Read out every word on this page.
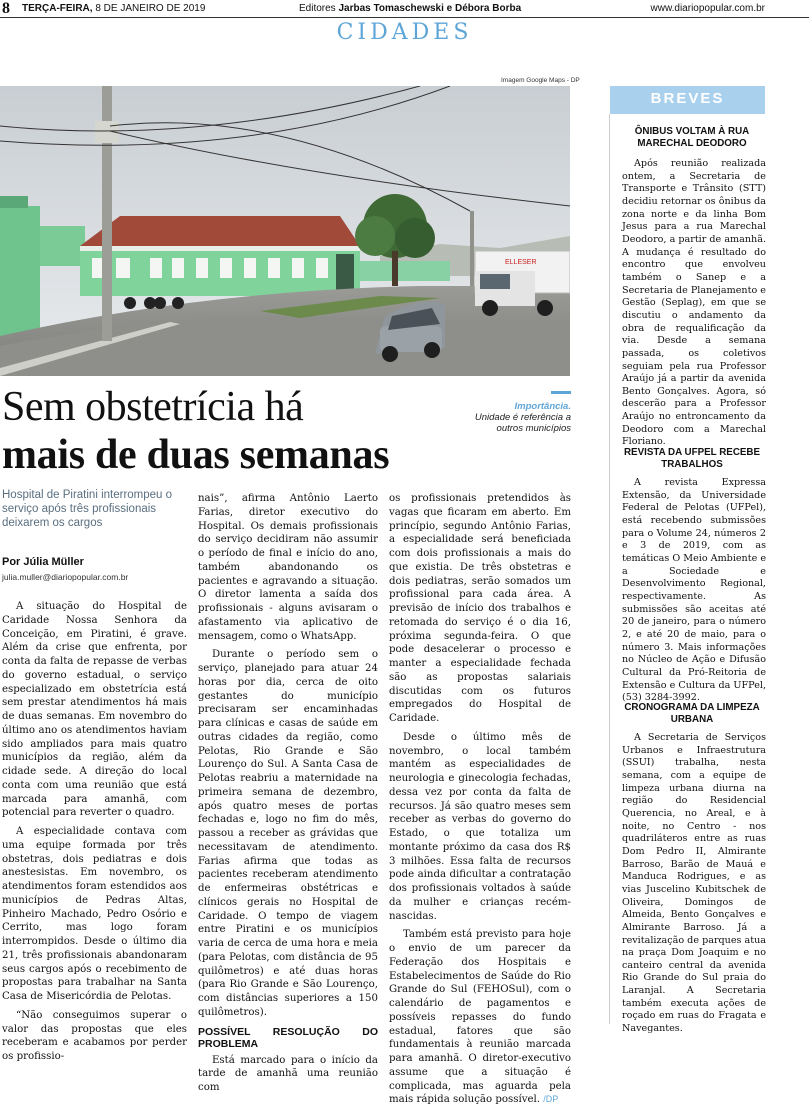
8 TERÇA-FEIRA, 8 DE JANEIRO DE 2019	Editores Jarbas Tomaschewski e Débora Borba	www.diariopopular.com.br
CIDADES
Imagem Google Maps - DP
ELLESER
Sem obstetrícia há
mais de duas semanas
Importância.
Unidade é referência a outros municípios
Hospital de Piratini interrompeu o serviço após três profissionais deixarem os cargos
Por Júlia Müller
julia.muller@diariopopular.com.br

A situação do Hospital de Caridade Nossa Senhora da Conceição, em Piratini, é grave. Além da crise que enfrenta, por conta da falta de repasse de verbas do governo estadual, o serviço especializado em obstetrícia está sem prestar atendimentos há mais de duas semanas. Em novembro do último ano os atendimentos haviam sido ampliados para mais quatro municípios da região, além da cidade sede. A direção do local conta com uma reunião que está marcada para amanhã, com potencial para reverter o quadro.

A especialidade contava com uma equipe formada por três obstetras, dois pediatras e dois anestesistas. Em novembro, os atendimentos foram estendidos aos municípios de Pedras Altas, Pinheiro Machado, Pedro Osório e Cerrito, mas logo foram interrompidos. Desde o último dia 21, três profissionais abandonaram seus cargos após o recebimento de propostas para trabalhar na Santa Casa de Misericórdia de Pelotas.

“Não conseguimos superar o valor das propostas que eles receberam e acabamos por perder os profissio-

nais”, afirma Antônio Laerto Farias, diretor executivo do Hospital. Os demais profissionais do serviço decidiram não assumir o período de final e início do ano, também abandonando os pacientes e agravando a situação. O diretor lamenta a saída dos profissionais - alguns avisaram o afastamento via aplicativo de mensagem, como o WhatsApp.

Durante o período sem o serviço, planejado para atuar 24 horas por dia, cerca de oito gestantes do município precisaram ser encaminhadas para clínicas e casas de saúde em outras cidades da região, como Pelotas, Rio Grande e São Lourenço do Sul. A Santa Casa de Pelotas reabriu a maternidade na primeira semana de dezembro, após quatro meses de portas fechadas e, logo no fim do mês, passou a receber as grávidas que necessitavam de atendimento. Farias afirma que todas as pacientes receberam atendimento de enfermeiras obstétricas e clínicos gerais no Hospital de Caridade. O tempo de viagem entre Piratini e os municípios varia de cerca de uma hora e meia (para Pelotas, com distância de 95 quilômetros) e até duas horas (para Rio Grande e São Lourenço, com distâncias superiores a 150 quilômetros).

POSSÍVEL RESOLUÇÃO DO PROBLEMA

Está marcado para o início da tarde de amanhã uma reunião com

os profissionais pretendidos às vagas que ficaram em aberto. Em princípio, segundo Antônio Farias, a especialidade será beneficiada com dois profissionais a mais do que existia. De três obstetras e dois pediatras, serão somados um profissional para cada área. A previsão de início dos trabalhos e retomada do serviço é o dia 16, próxima segunda-feira. O que pode desacelerar o processo e manter a especialidade fechada são as propostas salariais discutidas com os futuros empregados do Hospital de Caridade.

Desde o último mês de novembro, o local também mantém as especialidades de neurologia e ginecologia fechadas, dessa vez por conta da falta de recursos. Já são quatro meses sem receber as verbas do governo do Estado, o que totaliza um montante próximo da casa dos R$ 3 milhões. Essa falta de recursos pode ainda dificultar a contratação dos profissionais voltados à saúde da mulher e crianças recém-nascidas.

Também está previsto para hoje o envio de um parecer da Federação dos Hospitais e Estabelecimentos de Saúde do Rio Grande do Sul (FEHOSul), com o calendário de pagamentos e possíveis repasses do fundo estadual, fatores que são fundamentais à reunião marcada para amanhã. O diretor-executivo assume que a situação é complicada, mas aguarda pela mais rápida solução possível. /DP

BREVES
ÔNIBUS VOLTAM À RUA MARECHAL DEODORO

Após reunião realizada ontem, a Secretaria de Transporte e Trânsito (STT) decidiu retornar os ônibus da zona norte e da linha Bom Jesus para a rua Marechal Deodoro, a partir de amanhã. A mudança é resultado do encontro que envolveu também o Sanep e a Secretaria de Planejamento e Gestão (Seplag), em que se discutiu o andamento da obra de requalificação da via. Desde a semana passada, os coletivos seguiam pela rua Professor Araújo já a partir da avenida Bento Gonçalves. Agora, só descerão para a Professor Araújo no entroncamento da Deodoro com a Marechal Floriano.

REVISTA DA UFPEL RECEBE TRABALHOS

A revista Expressa Extensão, da Universidade Federal de Pelotas (UFPel), está recebendo submissões para o Volume 24, números 2 e 3 de 2019, com as temáticas O Meio Ambiente e a Sociedade e Desenvolvimento Regional, respectivamente. As submissões são aceitas até 20 de janeiro, para o número 2, e até 20 de maio, para o número 3. Mais informações no Núcleo de Ação e Difusão Cultural da Pró-Reitoria de Extensão e Cultura da UFPel, (53) 3284-3992.

CRONOGRAMA DA LIMPEZA URBANA

A Secretaria de Serviços Urbanos e Infraestrutura (SSUI) trabalha, nesta semana, com a equipe de limpeza urbana diurna na região do Residencial Querencia, no Areal, e à noite, no Centro - nos quadriláteros entre as ruas Dom Pedro II, Almirante Barroso, Barão de Mauá e Manduca Rodrigues, e as vias Juscelino Kubitschek de Oliveira, Domingos de Almeida, Bento Gonçalves e Almirante Barroso. Já a revitalização de parques atua na praça Dom Joaquim e no canteiro central da avenida Rio Grande do Sul praia do Laranjal. A Secretaria também executa ações de roçado em ruas do Fragata e Navegantes.
